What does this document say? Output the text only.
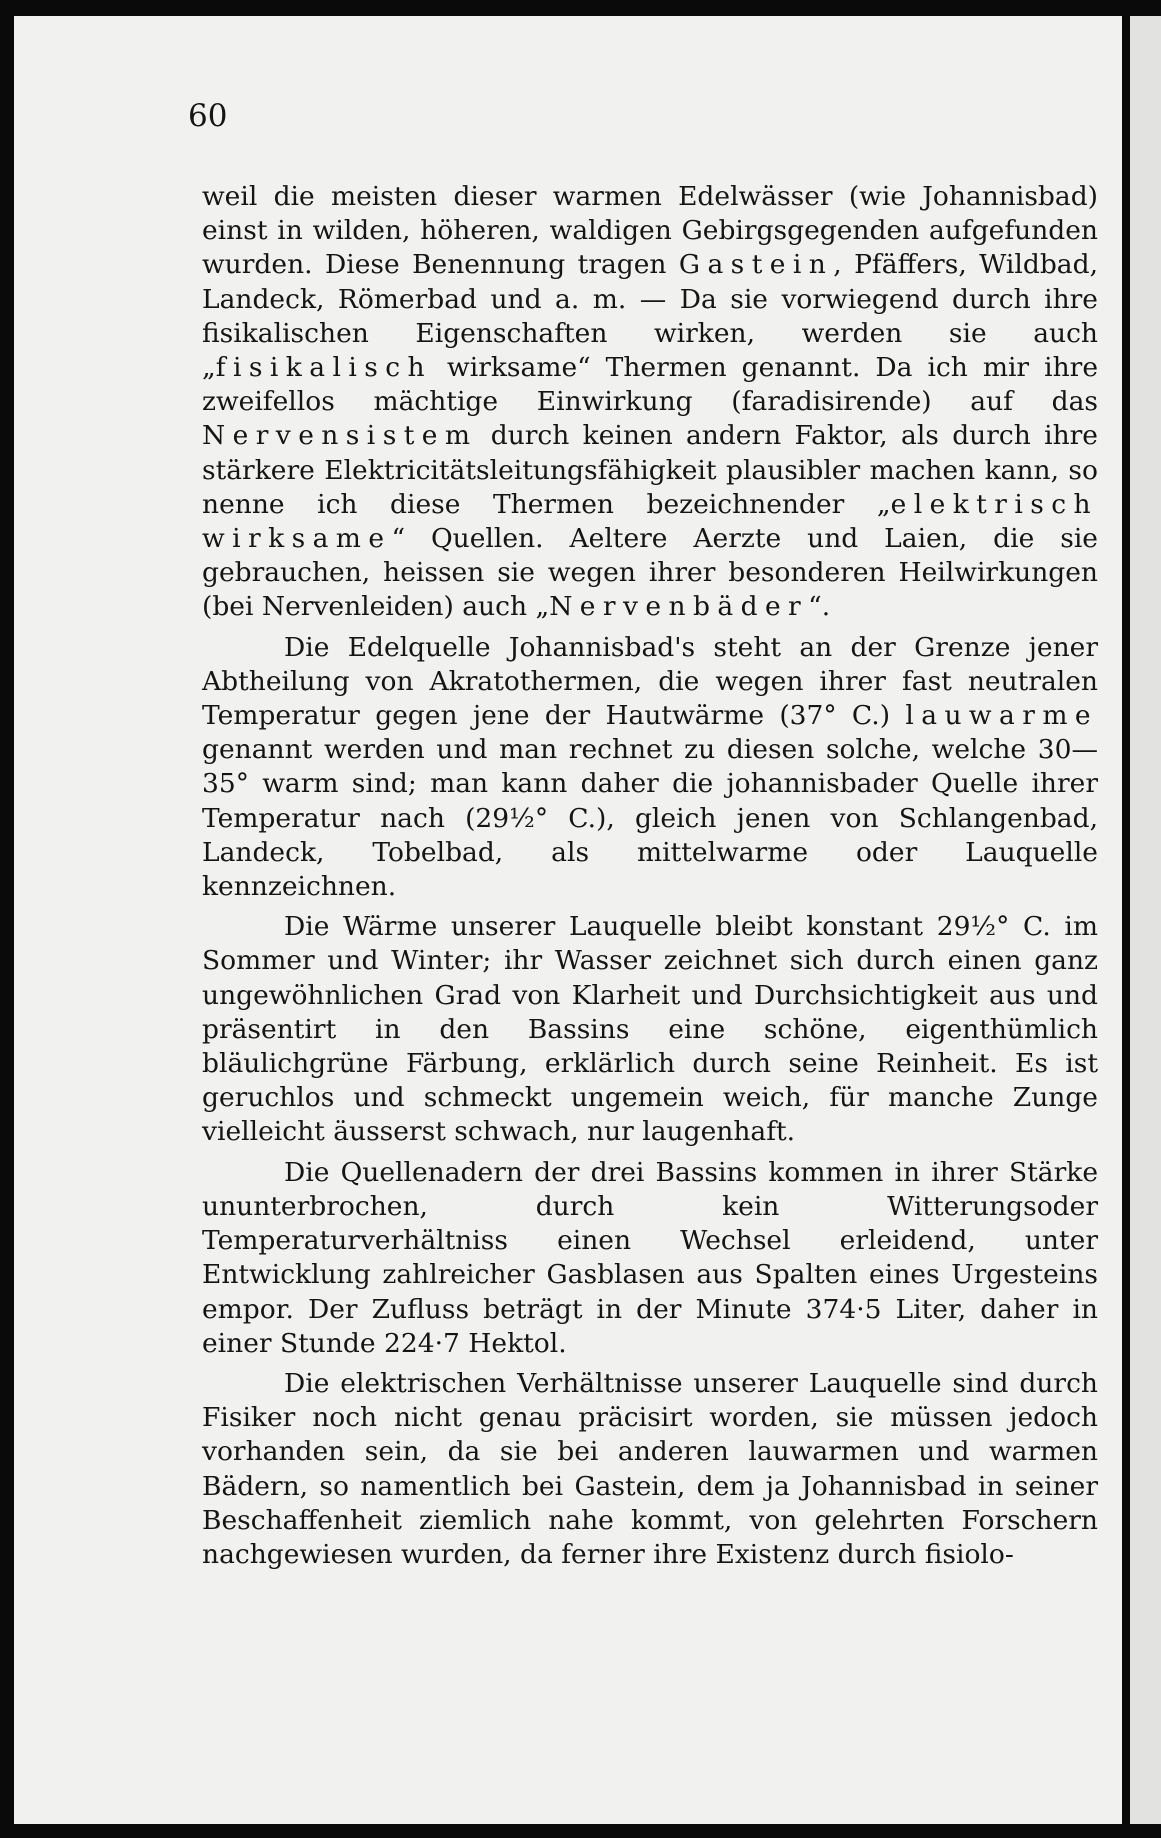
60

weil die meisten dieser warmen Edelwässer (wie Johannisbad) einst in wilden, höheren, waldigen Gebirgsgegenden aufgefunden wurden. Diese Benennung tragen Gastein, Pfäffers, Wildbad, Landeck, Römerbad und a. m. — Da sie vorwiegend durch ihre fisikalischen Eigenschaften wirken, werden sie auch „fisikalisch wirksame“ Thermen genannt. Da ich mir ihre zweifellos mächtige Einwirkung (faradisirende) auf das Nervensistem durch keinen andern Faktor, als durch ihre stärkere Elektricitätsleitungsfähigkeit plausibler machen kann, so nenne ich diese Thermen bezeichnender „elektrisch wirksame“ Quellen. Aeltere Aerzte und Laien, die sie gebrauchen, heissen sie wegen ihrer besonderen Heilwirkungen (bei Nervenleiden) auch „Nervenbäder“.

Die Edelquelle Johannisbad's steht an der Grenze jener Abtheilung von Akratothermen, die wegen ihrer fast neutralen Temperatur gegen jene der Hautwärme (37° C.) lauwarme genannt werden und man rechnet zu diesen solche, welche 30—35° warm sind; man kann daher die johannisbader Quelle ihrer Temperatur nach (29½° C.), gleich jenen von Schlangenbad, Landeck, Tobelbad, als mittelwarme oder Lauquelle kennzeichnen.

Die Wärme unserer Lauquelle bleibt konstant 29½° C. im Sommer und Winter; ihr Wasser zeichnet sich durch einen ganz ungewöhnlichen Grad von Klarheit und Durchsichtigkeit aus und präsentirt in den Bassins eine schöne, eigenthümlich bläulichgrüne Färbung, erklärlich durch seine Reinheit. Es ist geruchlos und schmeckt ungemein weich, für manche Zunge vielleicht äusserst schwach, nur laugenhaft.

Die Quellenadern der drei Bassins kommen in ihrer Stärke ununterbrochen, durch kein Witterungsoder Temperaturverhältniss einen Wechsel erleidend, unter Entwicklung zahlreicher Gasblasen aus Spalten eines Urgesteins empor. Der Zufluss beträgt in der Minute 374·5 Liter, daher in einer Stunde 224·7 Hektol.

Die elektrischen Verhältnisse unserer Lauquelle sind durch Fisiker noch nicht genau präcisirt worden, sie müssen jedoch vorhanden sein, da sie bei anderen lauwarmen und warmen Bädern, so namentlich bei Gastein, dem ja Johannisbad in seiner Beschaffenheit ziemlich nahe kommt, von gelehrten Forschern nachgewiesen wurden, da ferner ihre Existenz durch fisiolo-
